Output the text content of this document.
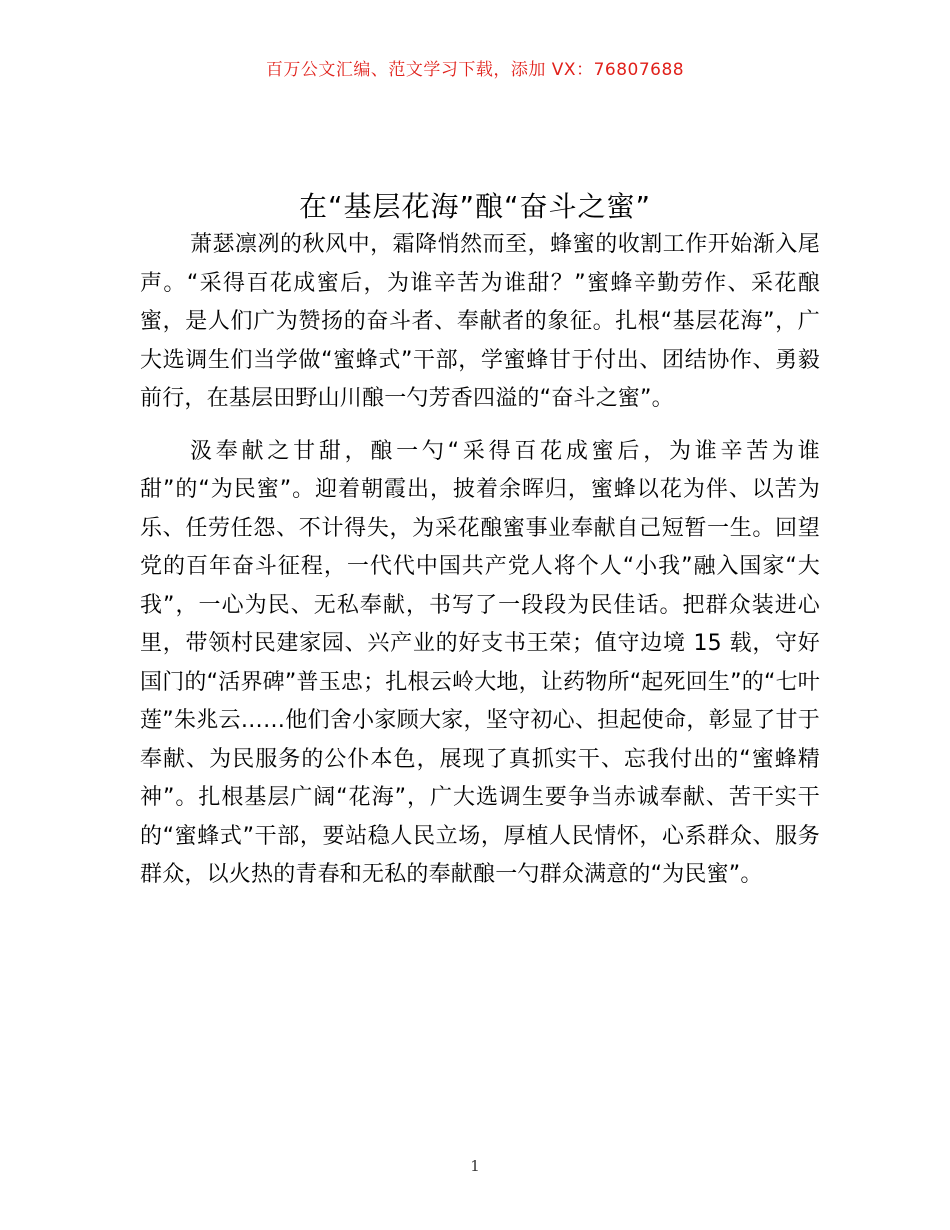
百万公文汇编、范文学习下载，添加 VX：76807688
在“基层花海”酿“奋斗之蜜”

萧瑟凛冽的秋风中，霜降悄然而至，蜂蜜的收割工作开始渐入尾声。“采得百花成蜜后，为谁辛苦为谁甜？”蜜蜂辛勤劳作、采花酿蜜，是人们广为赞扬的奋斗者、奉献者的象征。扎根“基层花海”，广大选调生们当学做“蜜蜂式”干部，学蜜蜂甘于付出、团结协作、勇毅前行，在基层田野山川酿一勺芳香四溢的“奋斗之蜜”。

汲奉献之甘甜，酿一勺“采得百花成蜜后，为谁辛苦为谁甜”的“为民蜜”。迎着朝霞出，披着余晖归，蜜蜂以花为伴、以苦为乐、任劳任怨、不计得失，为采花酿蜜事业奉献自己短暂一生。回望党的百年奋斗征程，一代代中国共产党人将个人“小我”融入国家“大我”，一心为民、无私奉献，书写了一段段为民佳话。把群众装进心里，带领村民建家园、兴产业的好支书王荣；值守边境 15 载，守好国门的“活界碑”普玉忠；扎根云岭大地，让药物所“起死回生”的“七叶莲”朱兆云……他们舍小家顾大家，坚守初心、担起使命，彰显了甘于奉献、为民服务的公仆本色，展现了真抓实干、忘我付出的“蜜蜂精神”。扎根基层广阔“花海”，广大选调生要争当赤诚奉献、苦干实干的“蜜蜂式”干部，要站稳人民立场，厚植人民情怀，心系群众、服务群众，以火热的青春和无私的奉献酿一勺群众满意的“为民蜜”。

1
